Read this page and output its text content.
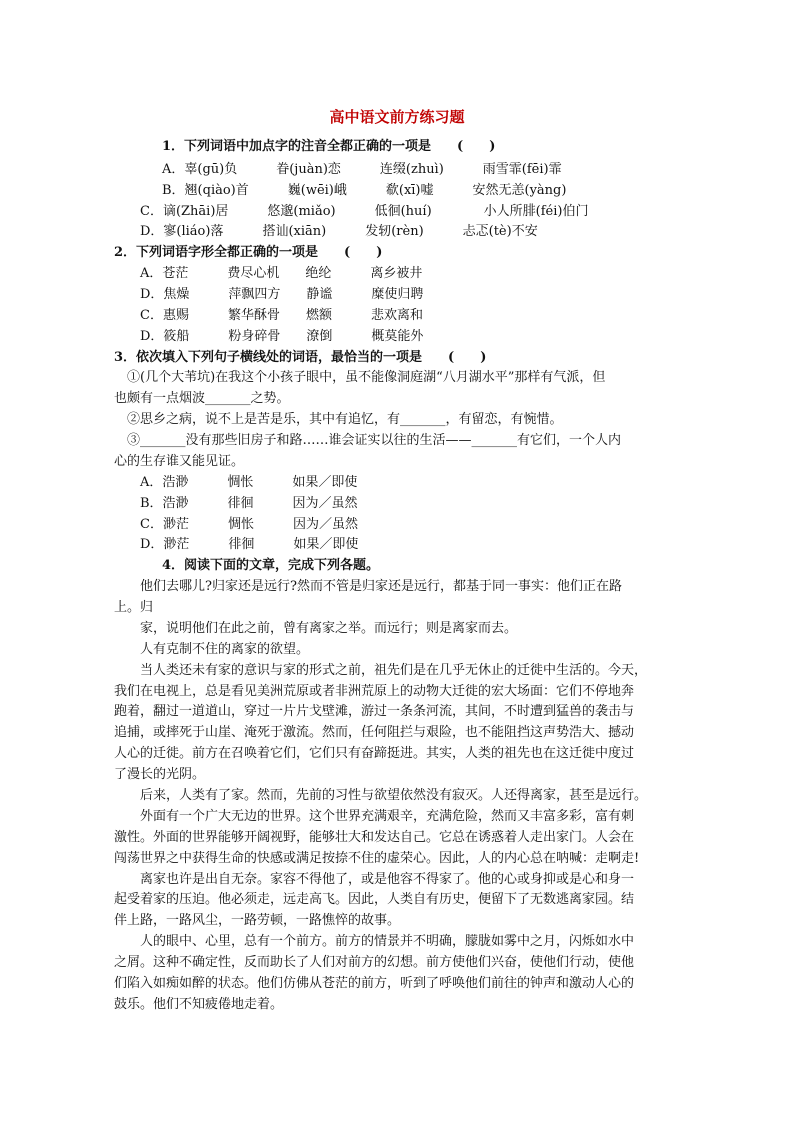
高中语文前方练习题
1．下列词语中加点字的注音全都正确的一项是　　(　　)
A．辜(gū)负　　　眷(juàn)恋　　　连缀(zhuì)　　　雨雪霏(fēi)霏
B．翘(qiào)首　　　巍(wēi)峨　　　欷(xī)嘘　　　安然无恙(yàng)
C．谪(Zhāi)居　　　悠邈(miǎo)　　　低徊(huí)　　　　小人所腓(féi)伯门
D．寥(liáo)落　　　搭讪(xiān)　　　发轫(rèn)　　　忐忑(tè)不安
2．下列词语字形全都正确的一项是　　(　　)
A．苍茫　　　费尽心机　　绝纶　　　离乡被井
D．焦燥　　　萍飘四方　　静谧　　　糜使归聘
C．惠赐　　　繁华酥骨　　燃额　　　悲欢离和
D．筱船　　　粉身碎骨　　潦倒　　　概莫能外
3．依次填入下列句子横线处的词语，最恰当的一项是　　(　　)
　①(几个大苇坑)在我这个小孩子眼中，虽不能像洞庭湖“八月湖水平”那样有气派，但
也颇有一点烟波_______之势。
　②思乡之病，说不上是苦是乐，其中有追忆，有_______，有留恋，有惋惜。
　③_______没有那些旧房子和路……谁会证实以往的生活——_______有它们，一个人内
心的生存谁又能见证。
A．浩渺　　　惆怅　　　如果／即使
B．浩渺　　　徘徊　　　因为／虽然
C．渺茫　　　惆怅　　　因为／虽然
D．渺茫　　　徘徊　　　如果／即使
4．阅读下面的文章，完成下列各题。
　　他们去哪儿?归家还是远行?然而不管是归家还是远行，都基于同一事实：他们正在路
上。归
　　家，说明他们在此之前，曾有离家之举。而远行；则是离家而去。
　　人有克制不住的离家的欲望。
　　当人类还未有家的意识与家的形式之前，祖先们是在几乎无休止的迁徙中生活的。今天，
我们在电视上，总是看见美洲荒原或者非洲荒原上的动物大迁徙的宏大场面：它们不停地奔
跑着，翻过一道道山，穿过一片片戈壁滩，游过一条条河流，其间，不时遭到猛兽的袭击与
追捕，或摔死于山崖、淹死于激流。然而，任何阻拦与艰险，也不能阻挡这声势浩大、撼动
人心的迁徙。前方在召唤着它们，它们只有奋蹄挺进。其实，人类的祖先也在这迁徙中度过
了漫长的光阴。
　　后来，人类有了家。然而，先前的习性与欲望依然没有寂灭。人还得离家，甚至是远行。
　　外面有一个广大无边的世界。这个世界充满艰辛，充满危险，然而又丰富多彩，富有刺
激性。外面的世界能够开阔视野，能够壮大和发达自己。它总在诱惑着人走出家门。人会在
闯荡世界之中获得生命的快感或满足按捺不住的虚荣心。因此，人的内心总在呐喊：走啊走!
　　离家也许是出自无奈。家容不得他了，或是他容不得家了。他的心或身抑或是心和身一
起受着家的压迫。他必须走，远走高飞。因此，人类自有历史，便留下了无数逃离家园。结
伴上路，一路风尘，一路劳顿，一路憔悴的故事。
　　人的眼中、心里，总有一个前方。前方的情景并不明确，朦胧如雾中之月，闪烁如水中
之屑。这种不确定性，反而助长了人们对前方的幻想。前方使他们兴奋，使他们行动，使他
们陷入如痴如醉的状态。他们仿佛从苍茫的前方，听到了呼唤他们前往的钟声和激动人心的
鼓乐。他们不知疲倦地走着。
